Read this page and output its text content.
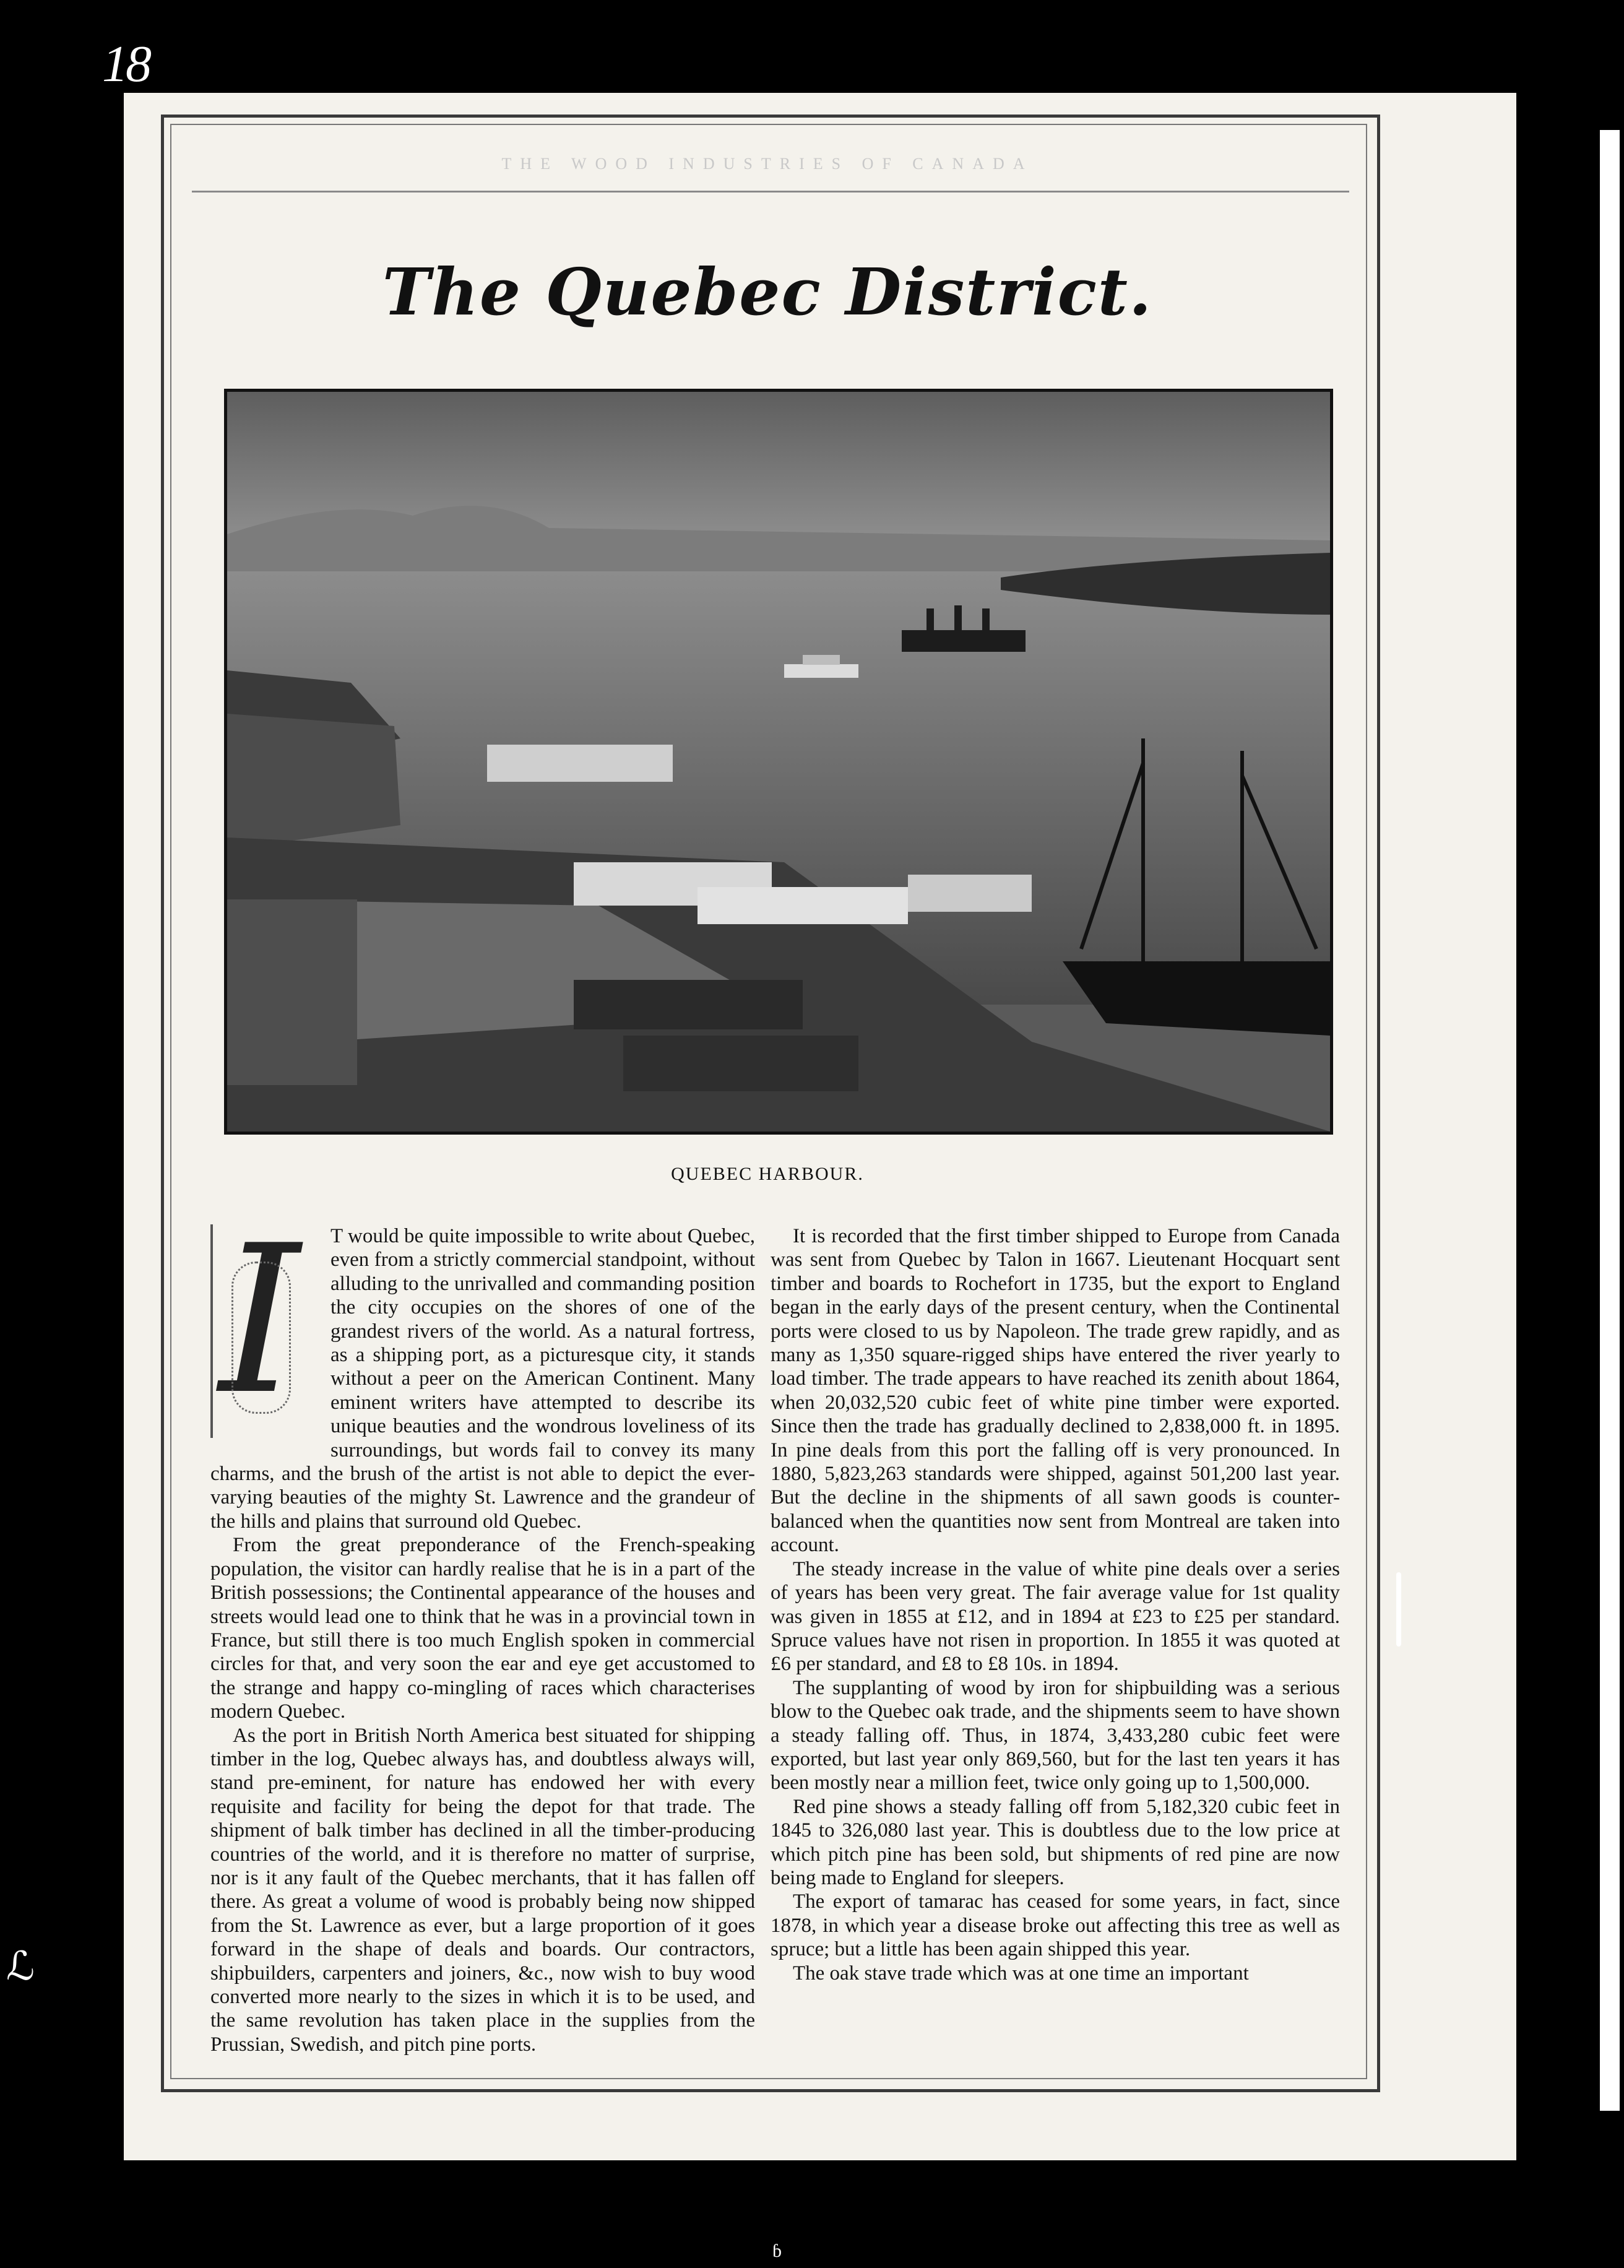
18
THE WOOD INDUSTRIES OF CANADA
The Quebec District.
QUEBEC HARBOUR.

I T would be quite impossible to write about Quebec, even from a strictly commercial standpoint, without alluding to the unrivalled and commanding position the city occupies on the shores of one of the grandest rivers of the world. As a natural fortress, as a shipping port, as a picturesque city, it stands without a peer on the American Continent. Many eminent writers have attempted to describe its unique beauties and the wondrous loveliness of its surroundings, but words fail to convey its many charms, and the brush of the artist is not able to depict the ever-varying beauties of the mighty St. Lawrence and the grandeur of the hills and plains that surround old Quebec.

From the great preponderance of the French-speaking population, the visitor can hardly realise that he is in a part of the British possessions; the Continental appearance of the houses and streets would lead one to think that he was in a provincial town in France, but still there is too much English spoken in commercial circles for that, and very soon the ear and eye get accustomed to the strange and happy co-mingling of races which characterises modern Quebec.

As the port in British North America best situated for shipping timber in the log, Quebec always has, and doubtless always will, stand pre-eminent, for nature has endowed her with every requisite and facility for being the depot for that trade. The shipment of balk timber has declined in all the timber-producing countries of the world, and it is therefore no matter of surprise, nor is it any fault of the Quebec merchants, that it has fallen off there. As great a volume of wood is probably being now shipped from the St. Lawrence as ever, but a large proportion of it goes forward in the shape of deals and boards. Our contractors, shipbuilders, carpenters and joiners, &c., now wish to buy wood converted more nearly to the sizes in which it is to be used, and the same revolution has taken place in the supplies from the Prussian, Swedish, and pitch pine ports.

It is recorded that the first timber shipped to Europe from Canada was sent from Quebec by Talon in 1667. Lieutenant Hocquart sent timber and boards to Rochefort in 1735, but the export to England began in the early days of the present century, when the Continental ports were closed to us by Napoleon. The trade grew rapidly, and as many as 1,350 square-rigged ships have entered the river yearly to load timber. The trade appears to have reached its zenith about 1864, when 20,032,520 cubic feet of white pine timber were exported. Since then the trade has gradually declined to 2,838,000 ft. in 1895. In pine deals from this port the falling off is very pronounced. In 1880, 5,823,263 standards were shipped, against 501,200 last year. But the decline in the shipments of all sawn goods is counter-balanced when the quantities now sent from Montreal are taken into account.

The steady increase in the value of white pine deals over a series of years has been very great. The fair average value for 1st quality was given in 1855 at £12, and in 1894 at £23 to £25 per standard. Spruce values have not risen in proportion. In 1855 it was quoted at £6 per standard, and £8 to £8 10s. in 1894.

The supplanting of wood by iron for shipbuilding was a serious blow to the Quebec oak trade, and the shipments seem to have shown a steady falling off. Thus, in 1874, 3,433,280 cubic feet were exported, but last year only 869,560, but for the last ten years it has been mostly near a million feet, twice only going up to 1,500,000.

Red pine shows a steady falling off from 5,182,320 cubic feet in 1845 to 326,080 last year. This is doubtless due to the low price at which pitch pine has been sold, but shipments of red pine are now being made to England for sleepers.

The export of tamarac has ceased for some years, in fact, since 1878, in which year a disease broke out affecting this tree as well as spruce; but a little has been again shipped this year.

The oak stave trade which was at one time an important

ℒ
ɓ
